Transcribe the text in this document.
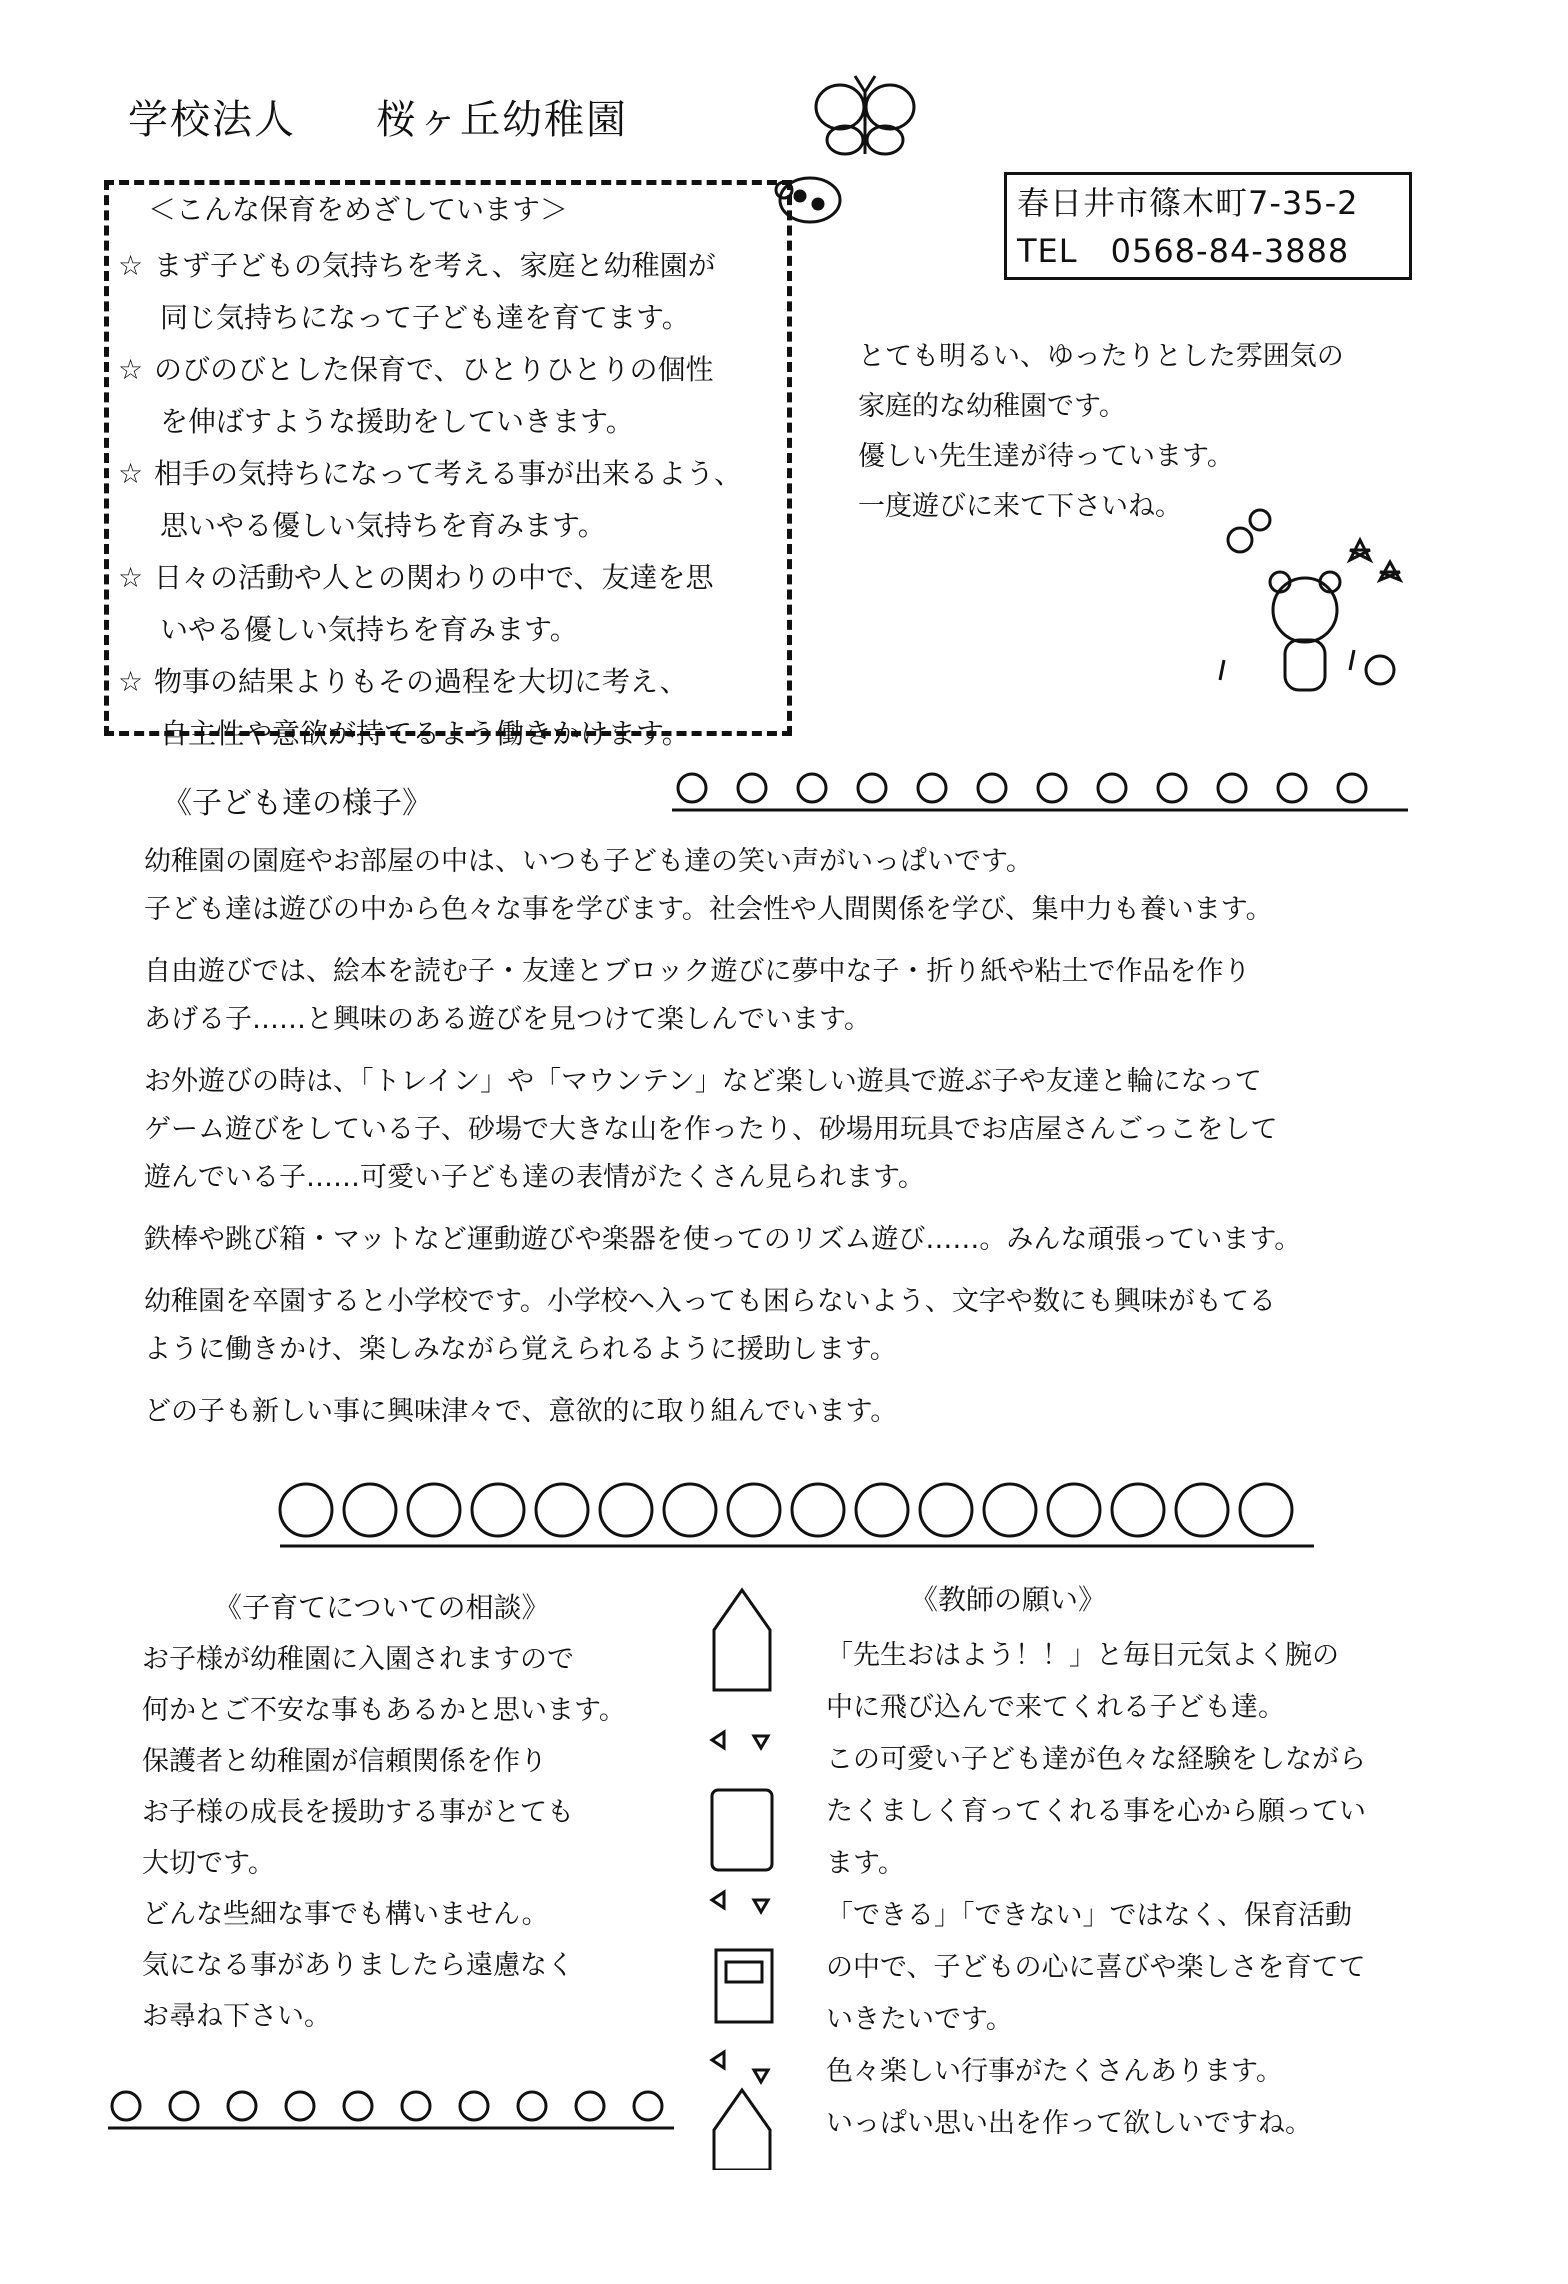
学校法人 桜ヶ丘幼稚園
＜こんな保育をめざしています＞
☆ まず子どもの気持ちを考え、家庭と幼稚園が
同じ気持ちになって子ども達を育てます。
☆ のびのびとした保育で、ひとりひとりの個性
を伸ばすような援助をしていきます。
☆ 相手の気持ちになって考える事が出来るよう、
思いやる優しい気持ちを育みます。
☆ 日々の活動や人との関わりの中で、友達を思
いやる優しい気持ちを育みます。
☆ 物事の結果よりもその過程を大切に考え、
自主性や意欲が持てるよう働きかけます。
春日井市篠木町7-35-2
TEL　0568-84-3888
とても明るい、ゆったりとした雰囲気の
家庭的な幼稚園です。
優しい先生達が待っています。
一度遊びに来て下さいね。
《子ども達の様子》
幼稚園の園庭やお部屋の中は、いつも子ども達の笑い声がいっぱいです。

子ども達は遊びの中から色々な事を学びます。社会性や人間関係を学び、集中力も養います。

自由遊びでは、絵本を読む子・友達とブロック遊びに夢中な子・折り紙や粘土で作品を作り

あげる子……と興味のある遊びを見つけて楽しんでいます。

お外遊びの時は、「トレイン」や「マウンテン」など楽しい遊具で遊ぶ子や友達と輪になって
ゲーム遊びをしている子、砂場で大きな山を作ったり、砂場用玩具でお店屋さんごっこをして

遊んでいる子……可愛い子ども達の表情がたくさん見られます。

鉄棒や跳び箱・マットなど運動遊びや楽器を使ってのリズム遊び……。みんな頑張っています。

幼稚園を卒園すると小学校です。小学校へ入っても困らないよう、文字や数にも興味がもてる

ように働きかけ、楽しみながら覚えられるように援助します。

どの子も新しい事に興味津々で、意欲的に取り組んでいます。

《子育てについての相談》
お子様が幼稚園に入園されますので
何かとご不安な事もあるかと思います。
保護者と幼稚園が信頼関係を作り
お子様の成長を援助する事がとても
大切です。
どんな些細な事でも構いません。
気になる事がありましたら遠慮なく
お尋ね下さい。
《教師の願い》
「先生おはよう！！」と毎日元気よく腕の
中に飛び込んで来てくれる子ども達。
この可愛い子ども達が色々な経験をしながら
たくましく育ってくれる事を心から願ってい
ます。
「できる」「できない」ではなく、保育活動
の中で、子どもの心に喜びや楽しさを育てて
いきたいです。
色々楽しい行事がたくさんあります。
いっぱい思い出を作って欲しいですね。
